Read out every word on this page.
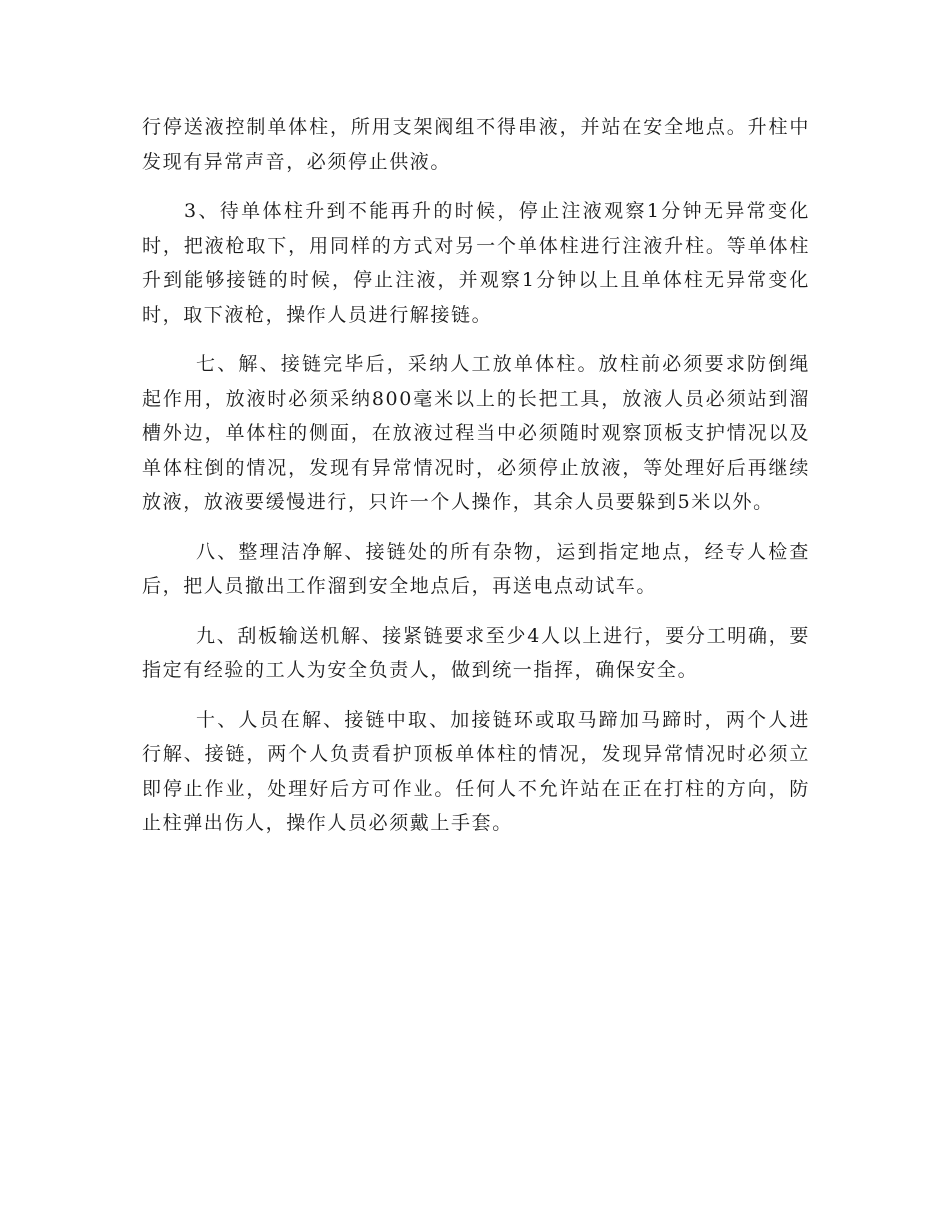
行停送液控制单体柱，所用支架阀组不得串液，并站在安全地点。升柱中发现有异常声音，必须停止供液。

3、待单体柱升到不能再升的时候，停止注液观察1分钟无异常变化时，把液枪取下，用同样的方式对另一个单体柱进行注液升柱。等单体柱升到能够接链的时候，停止注液，并观察1分钟以上且单体柱无异常变化时，取下液枪，操作人员进行解接链。

七、解、接链完毕后，采纳人工放单体柱。放柱前必须要求防倒绳起作用，放液时必须采纳800毫米以上的长把工具，放液人员必须站到溜槽外边，单体柱的侧面，在放液过程当中必须随时观察顶板支护情况以及单体柱倒的情况，发现有异常情况时，必须停止放液，等处理好后再继续放液，放液要缓慢进行，只许一个人操作，其余人员要躲到5米以外。

八、整理洁净解、接链处的所有杂物，运到指定地点，经专人检查后，把人员撤出工作溜到安全地点后，再送电点动试车。

九、刮板输送机解、接紧链要求至少4人以上进行，要分工明确，要指定有经验的工人为安全负责人，做到统一指挥，确保安全。

十、人员在解、接链中取、加接链环或取马蹄加马蹄时，两个人进行解、接链，两个人负责看护顶板单体柱的情况，发现异常情况时必须立即停止作业，处理好后方可作业。任何人不允许站在正在打柱的方向，防止柱弹出伤人，操作人员必须戴上手套。
